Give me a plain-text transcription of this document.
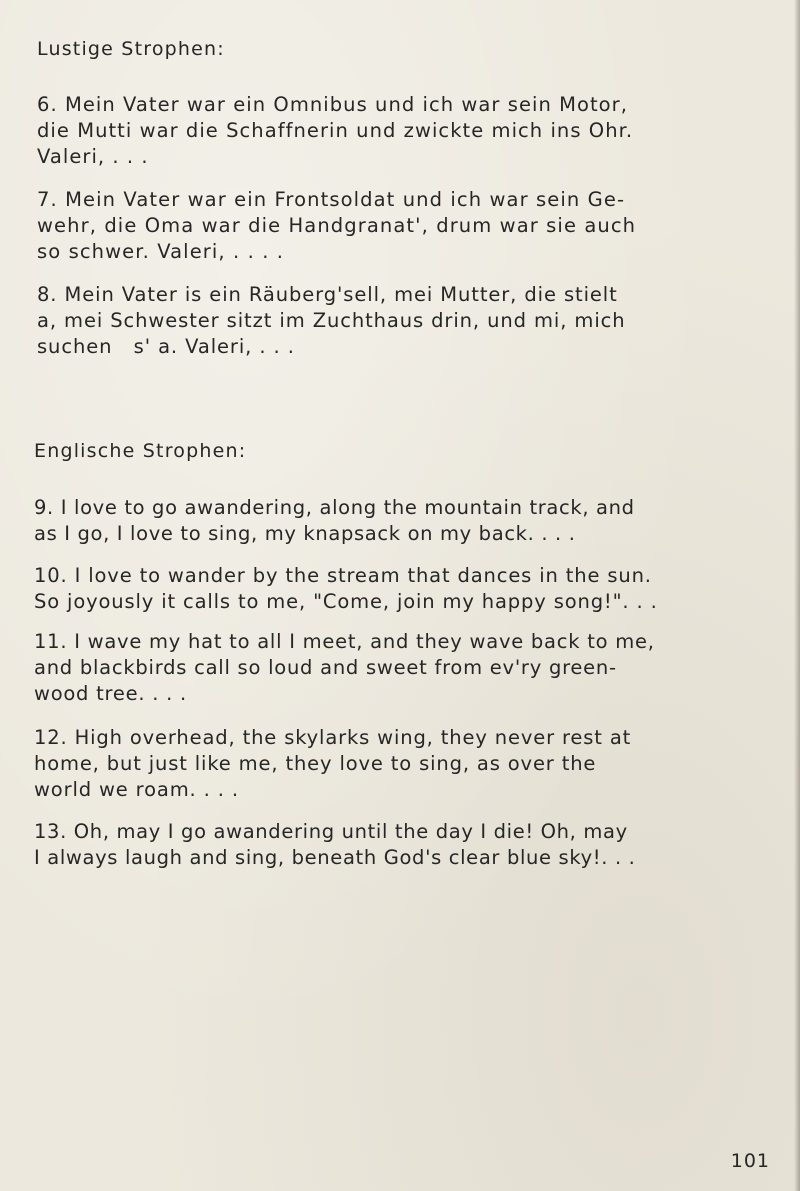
Lustige Strophen:
6. Mein Vater war ein Omnibus und ich war sein Motor,
die Mutti war die Schaffnerin und zwickte mich ins Ohr.
Valeri, . . .
7. Mein Vater war ein Frontsoldat und ich war sein Ge-
wehr, die Oma war die Handgranat', drum war sie auch
so schwer. Valeri, . . . .
8. Mein Vater is ein Räuberg'sell, mei Mutter, die stielt
a, mei Schwester sitzt im Zuchthaus drin, und mi, mich
suchen   s' a. Valeri, . . .
Englische Strophen:
9. I love to go awandering, along the mountain track, and
as I go, I love to sing, my knapsack on my back. . . .
10. I love to wander by the stream that dances in the sun.
So joyously it calls to me, "Come, join my happy song!". . .
11. I wave my hat to all I meet, and they wave back to me,
and blackbirds call so loud and sweet from ev'ry green-
wood tree. . . .
12. High overhead, the skylarks wing, they never rest at
home, but just like me, they love to sing, as over the
world we roam. . . .
13. Oh, may I go awandering until the day I die! Oh, may
I always laugh and sing, beneath God's clear blue sky!. . .
101
